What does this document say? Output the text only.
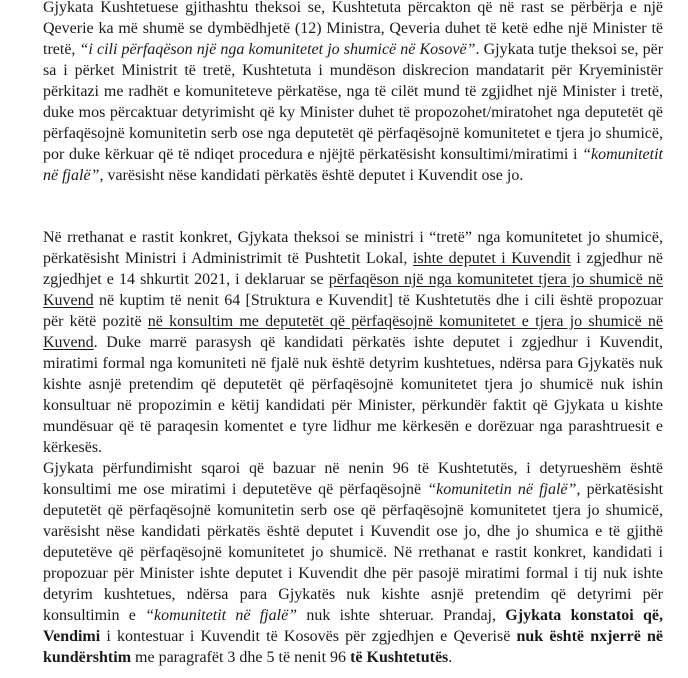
Gjykata Kushtetuese gjithashtu theksoi se, Kushtetuta përcakton që në rast se përbërja e një Qeverie ka më shumë se dymbëdhjetë (12) Ministra, Qeveria duhet të ketë edhe një Minister të tretë, “i cili përfaqëson një nga komunitetet jo shumicë në Kosovë”. Gjykata tutje theksoi se, për sa i përket Ministrit të tretë, Kushtetuta i mundëson diskrecion mandatarit për Kryeministër përkitazi me radhët e komuniteteve përkatëse, nga të cilët mund të zgjidhet një Minister i tretë, duke mos përcaktuar detyrimisht që ky Minister duhet të propozohet/miratohet nga deputetët që përfaqësojnë komunitetin serb ose nga deputetët që përfaqësojnë komunitetet e tjera jo shumicë, por duke kërkuar që të ndiqet procedura e njëjtë përkatësisht konsultimi/miratimi i “komunitetit në fjalë”, varësisht nëse kandidati përkatës është deputet i Kuvendit ose jo.

Në rrethanat e rastit konkret, Gjykata theksoi se ministri i “tretë” nga komunitetet jo shumicë, përkatësisht Ministri i Administrimit të Pushtetit Lokal, ishte deputet i Kuvendit i zgjedhur në zgjedhjet e 14 shkurtit 2021, i deklaruar se përfaqëson një nga komunitetet tjera jo shumicë në Kuvend në kuptim të nenit 64 [Struktura e Kuvendit] të Kushtetutës dhe i cili është propozuar për këtë pozitë në konsultim me deputetët që përfaqësojnë komunitetet e tjera jo shumicë në Kuvend. Duke marrë parasysh që kandidati përkatës ishte deputet i zgjedhur i Kuvendit, miratimi formal nga komuniteti në fjalë nuk është detyrim kushtetues, ndërsa para Gjykatës nuk kishte asnjë pretendim që deputetët që përfaqësojnë komunitetet tjera jo shumicë nuk ishin konsultuar në propozimin e këtij kandidati për Minister, përkundër faktit që Gjykata u kishte mundësuar që të paraqesin komentet e tyre lidhur me kërkesën e dorëzuar nga parashtruesit e kërkesës.

Gjykata përfundimisht sqaroi që bazuar në nenin 96 të Kushtetutës, i detyrueshëm është konsultimi me ose miratimi i deputetëve që përfaqësojnë “komunitetin në fjalë”, përkatësisht deputetët që përfaqësojnë komunitetin serb ose që përfaqësojnë komunitetet tjera jo shumicë, varësisht nëse kandidati përkatës është deputet i Kuvendit ose jo, dhe jo shumica e të gjithë deputetëve që përfaqësojnë komunitetet jo shumicë. Në rrethanat e rastit konkret, kandidati i propozuar për Minister ishte deputet i Kuvendit dhe për pasojë miratimi formal i tij nuk ishte detyrim kushtetues, ndërsa para Gjykatës nuk kishte asnjë pretendim që detyrimi për konsultimin e “komunitetit në fjalë” nuk ishte shteruar. Prandaj, Gjykata konstatoi që, Vendimi i kontestuar i Kuvendit të Kosovës për zgjedhjen e Qeverisë nuk është nxjerrë në kundërshtim me paragrafët 3 dhe 5 të nenit 96 të Kushtetutës.
